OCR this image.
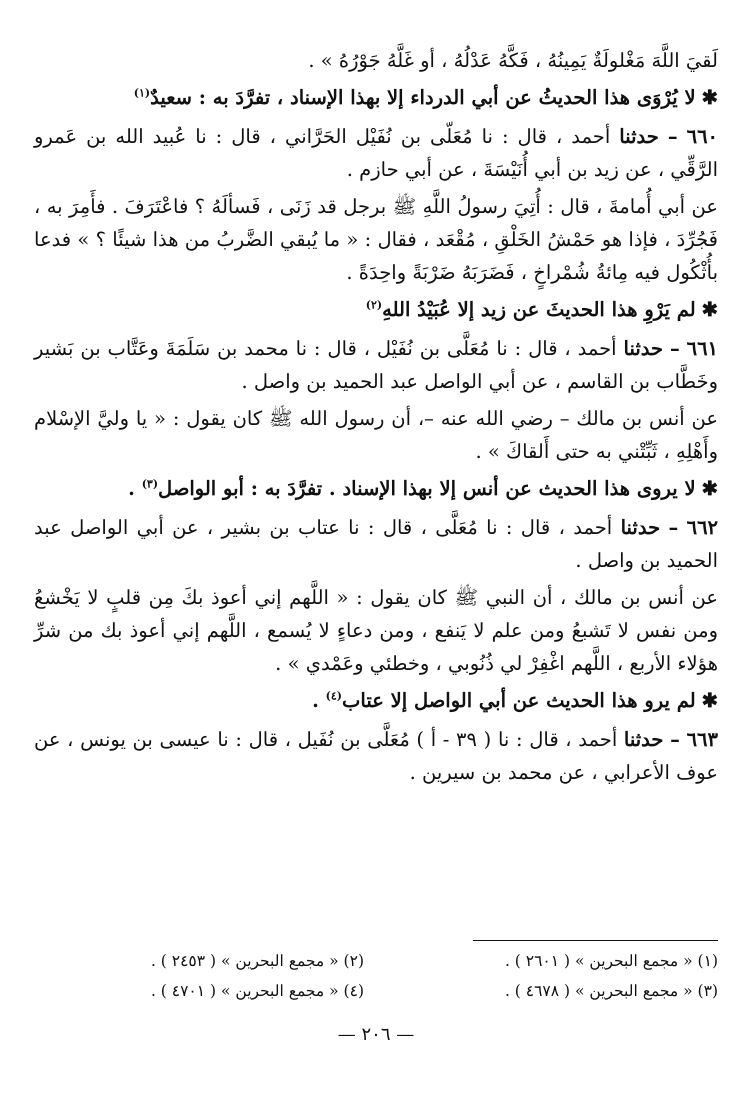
لَقيَ اللَّهَ مَغْلولَةٌ يَمِينُهُ ، فَكَّهُ عَدْلُهُ ، أو غَلَّهُ جَوْرُهُ » .

✱لا يُرْوَى هذا الحديثُ عن أبي الدرداء إلا بهذا الإسناد ، تفرَّدَ به : سعيدٌ$^{(١)}$

٦٦٠ – حدثنا أحمد ، قال : نا مُعَلّى بن نُفَيْل الحَرَّاني ، قال : نا عُبيد الله بن عَمرو الرَّقِّي ، عن زيد بن أبي أُنَيْسَةَ ، عن أبي حازم .

عن أبي أُمامةَ ، قال : أُتِيَ رسولُ اللَّهِ ﷺ برجل قد زَنَى ، فَسألَهُ ؟ فاعْتَرَفَ . فأَمِرَ به ، فَجُرِّدَ ، فإذا هو حَمْشُ الخَلْقِ ، مُقْعَد ، فقال : « ما يُبقي الضَّربُ من هذا شيئًا ؟ » فدعا بأُثْكُول فيه مِائةُ شُمْراخٍ ، فَضَرَبَهُ ضَرْبَةً واحِدَةً .

✱لم يَرْوِ هذا الحديثَ عن زيد إلا عُبَيْدُ اللهِ$^{(٢)}$

٦٦١ – حدثنا أحمد ، قال : نا مُعَلَّى بن نُفَيْل ، قال : نا محمد بن سَلَمَةَ وعَتَّاب بن بَشير وخَطَّاب بن القاسم ، عن أبي الواصل عبد الحميد بن واصل .

عن أنس بن مالك – رضي الله عنه –، أن رسول الله ﷺ كان يقول : « يا وليَّ الإسْلام وأَهْلِهِ ، ثَبِّتْني به حتى أَلقاكَ » .

✱لا يروى هذا الحديث عن أنس إلا بهذا الإسناد . تفرَّدَ به : أبو الواصل$^{(٣)}$ .

٦٦٢ – حدثنا أحمد ، قال : نا مُعَلَّى ، قال : نا عتاب بن بشير ، عن أبي الواصل عبد الحميد بن واصل .

عن أنس بن مالك ، أن النبي ﷺ كان يقول : « اللَّهم إني أعوذ بكَ مِن قلبٍ لا يَخْشعُ ومن نفس لا تَشبعُ ومن علم لا يَنفع ، ومن دعاءٍ لا يُسمع ، اللَّهم إني أعوذ بك من شرِّ هؤلاء الأربع ، اللَّهم اغْفِرْ لي ذُنُوبي ، وخطئي وعَمْدي » .

✱لم يرو هذا الحديث عن أبي الواصل إلا عتاب$^{(٤)}$ .

٦٦٣ – حدثنا أحمد ، قال : نا ( ٣٩ - أ ) مُعَلَّى بن نُفَيل ، قال : نا عيسى بن يونس ، عن عوف الأعرابي ، عن محمد بن سيرين .

(١) « مجمع البحرين » ( ٢٦٠١ ) .
(٢) « مجمع البحرين » ( ٢٤٥٣ ) .
(٣) « مجمع البحرين » ( ٤٦٧٨ ) .
(٤) « مجمع البحرين » ( ٤٧٠١ ) .
— ٢٠٦ —
